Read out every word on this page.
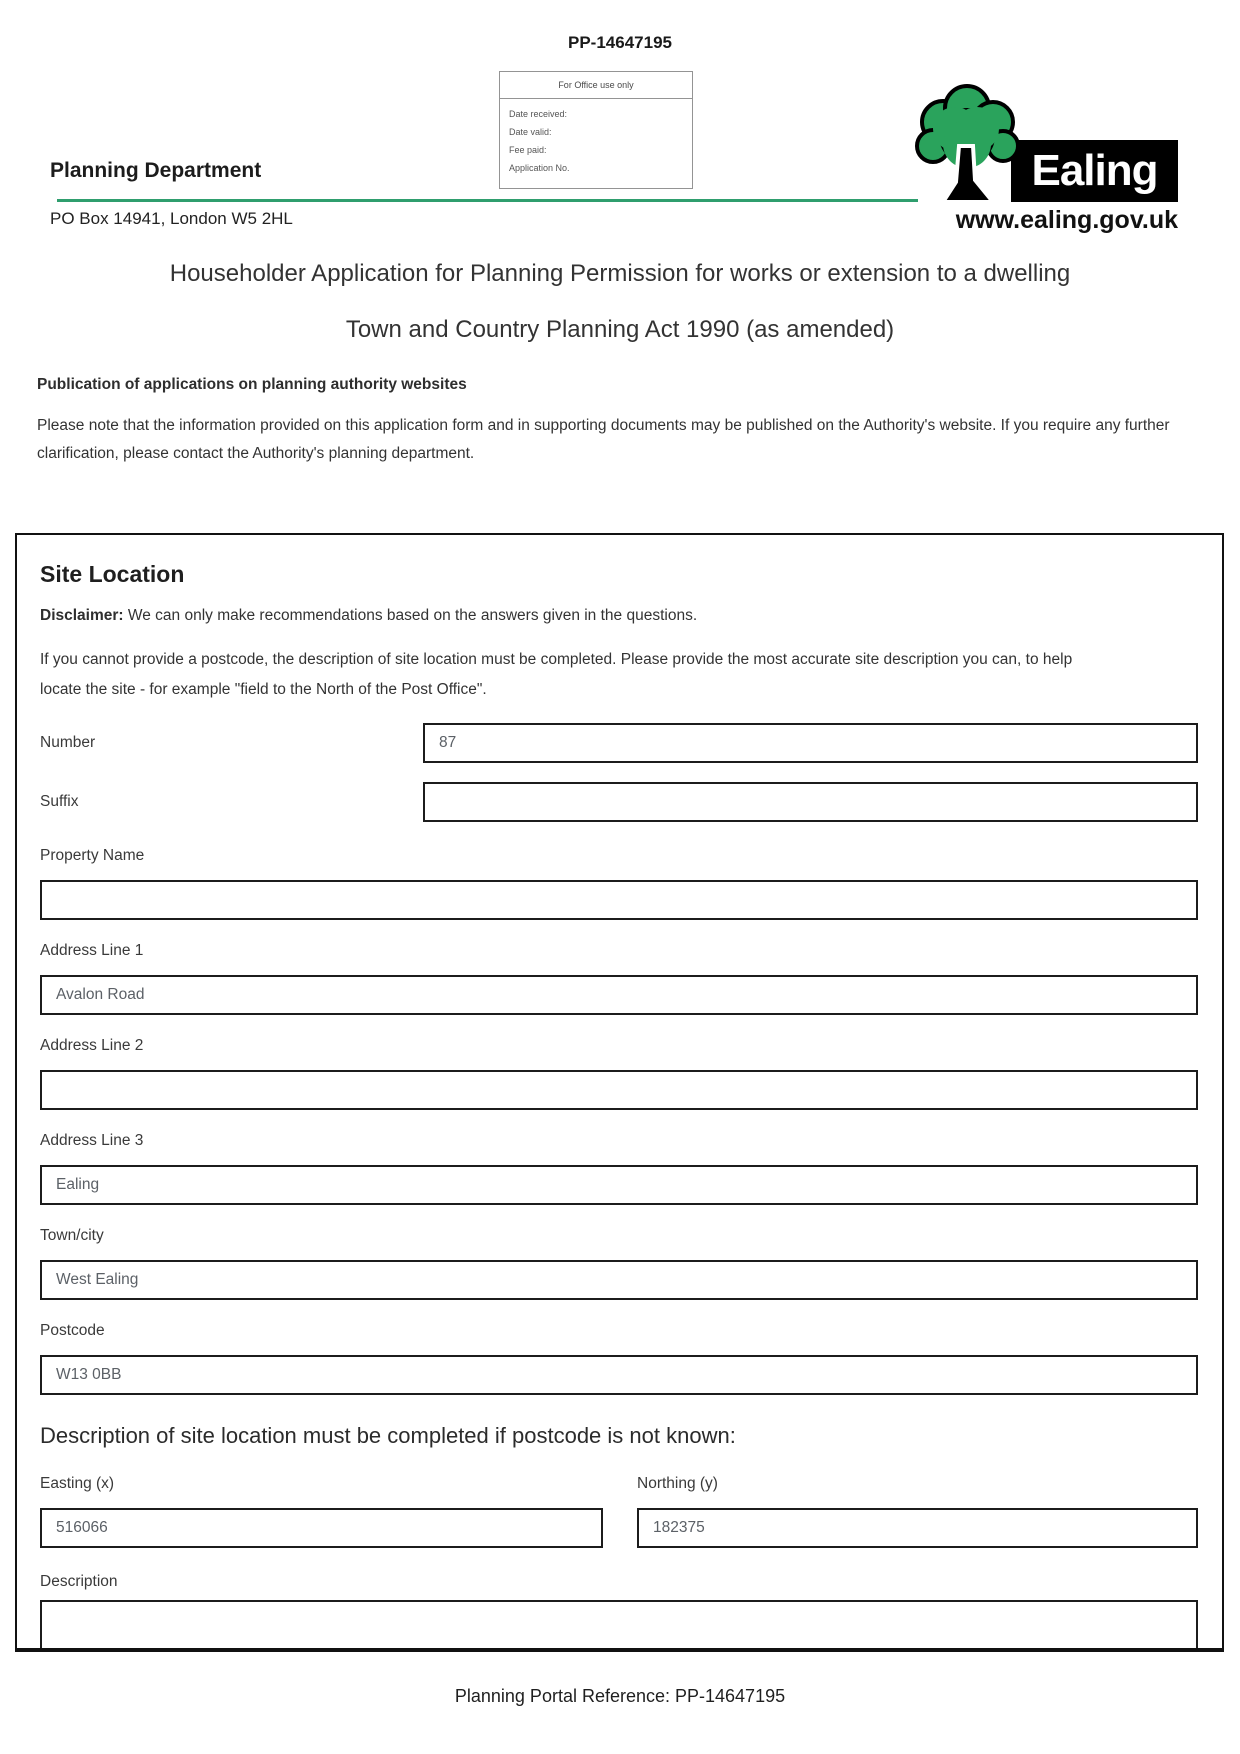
PP-14647195
For Office use only
Date received:
Date valid:
Fee paid:
Application No.	Ealing
www.ealing.gov.uk
Planning Department
PO Box 14941, London W5 2HL
Householder Application for Planning Permission for works or extension to a dwelling
Town and Country Planning Act 1990 (as amended)
Publication of applications on planning authority websites
Please note that the information provided on this application form and in supporting documents may be published on the Authority's website. If you require any further clarification, please contact the Authority's planning department.
Site Location
Disclaimer: We can only make recommendations based on the answers given in the questions.
If you cannot provide a postcode, the description of site location must be completed. Please provide the most accurate site description you can, to help locate the site - for example "field to the North of the Post Office".
Number
87
Suffix
Property Name
Address Line 1
Avalon Road
Address Line 2
Address Line 3
Ealing
Town/city
West Ealing
Postcode
W13 0BB
Description of site location must be completed if postcode is not known:
Easting (x)
516066	Northing (y)
182375
Description
Planning Portal Reference: PP-14647195
